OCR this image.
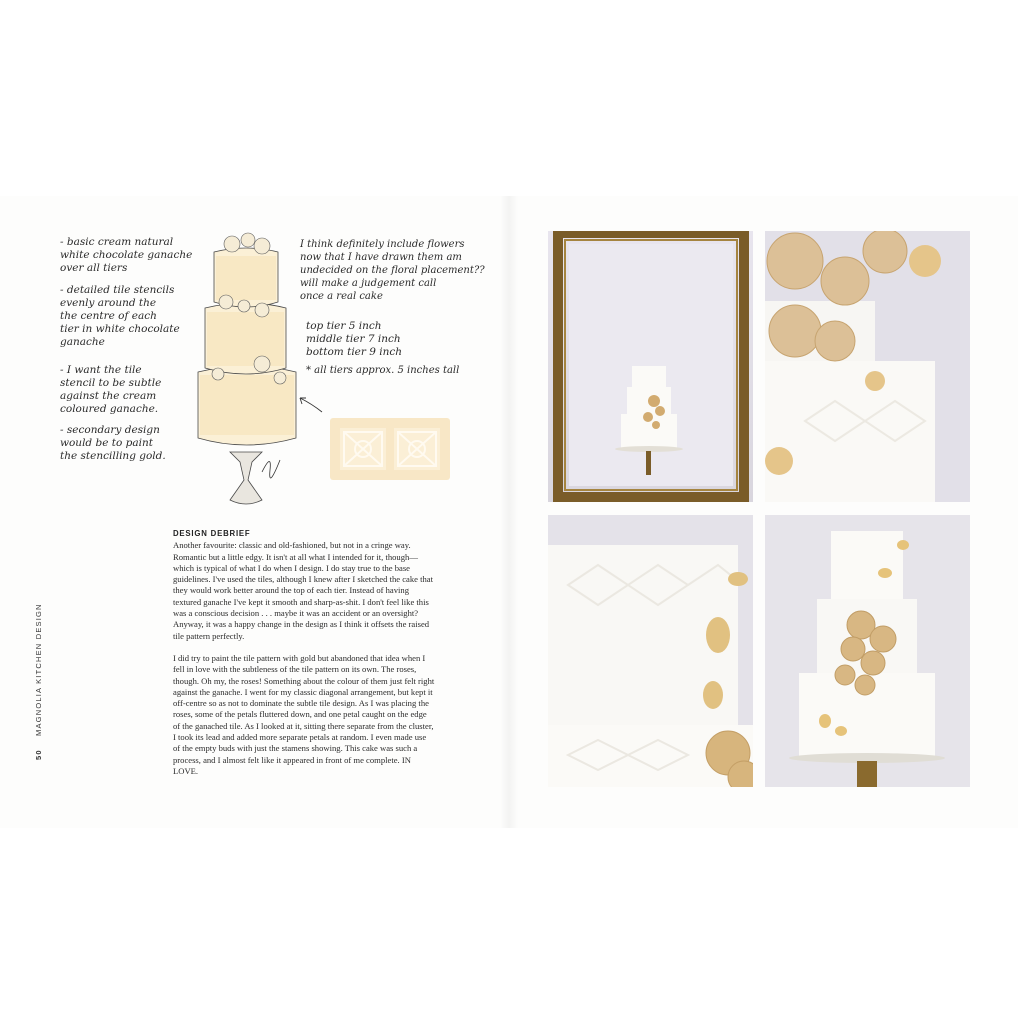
50 MAGNOLIA KITCHEN DESIGN
- basic cream natural
white chocolate ganache
over all tiers
- detailed tile stencils
evenly around the
the centre of each
tier in white chocolate
ganache
- I want the tile
stencil to be subtle
against the cream
coloured ganache.
- secondary design
would be to paint
the stencilling gold.
I think definitely include flowers
now that I have drawn them am
undecided on the floral placement??
will make a judgement call
once a real cake
top tier 5 inch
middle tier 7 inch
bottom tier 9 inch
* all tiers approx. 5 inches tall
DESIGN DEBRIEF

Another favourite: classic and old-fashioned, but not in a cringe way. Romantic but a little edgy. It isn't at all what I intended for it, though—which is typical of what I do when I design. I do stay true to the base guidelines. I've used the tiles, although I knew after I sketched the cake that they would work better around the top of each tier. Instead of having textured ganache I've kept it smooth and sharp-as-shit. I don't feel like this was a conscious decision . . . maybe it was an accident or an oversight? Anyway, it was a happy change in the design as I think it offsets the raised tile pattern perfectly.

I did try to paint the tile pattern with gold but abandoned that idea when I fell in love with the subtleness of the tile pattern on its own. The roses, though. Oh my, the roses! Something about the colour of them just felt right against the ganache. I went for my classic diagonal arrangement, but kept it off-centre so as not to dominate the subtle tile design. As I was placing the roses, some of the petals fluttered down, and one petal caught on the edge of the ganached tile. As I looked at it, sitting there separate from the cluster, I took its lead and added more separate petals at random. I even made use of the empty buds with just the stamens showing. This cake was such a process, and I almost felt like it appeared in front of me complete. IN LOVE.
